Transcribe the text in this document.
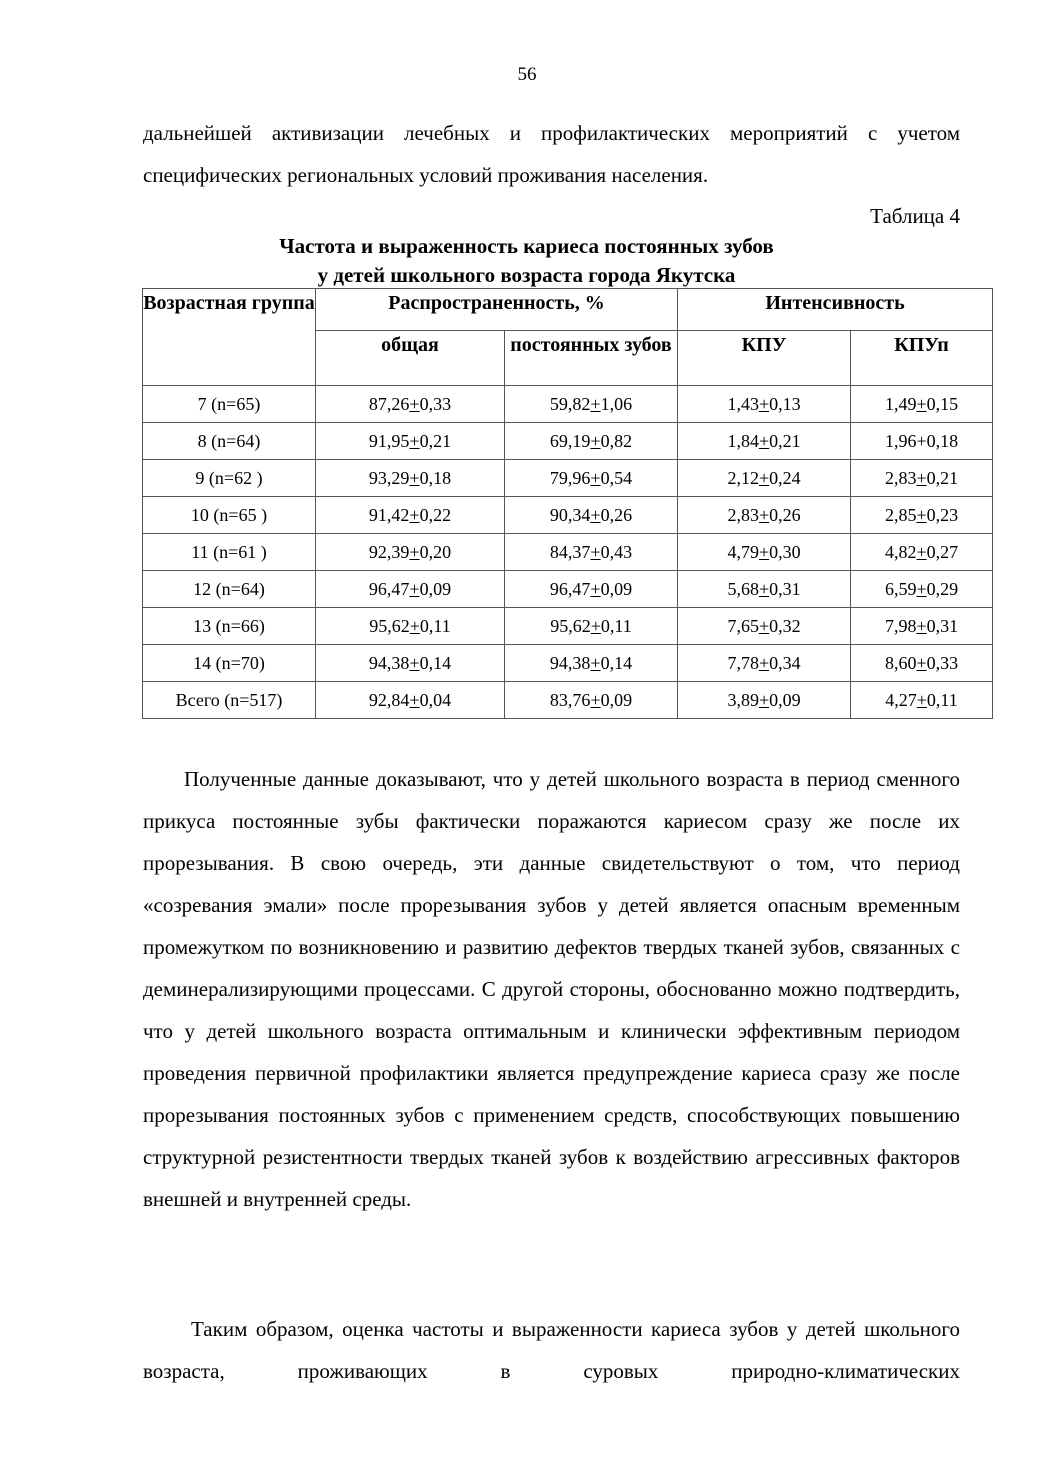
56

дальнейшей активизации лечебных и профилактических мероприятий с учетом специфических региональных условий проживания населения.

Таблица 4
Частота и выраженность кариеса постоянных зубов
у детей школьного возраста города Якутска
Возрастная группа	Распространенность, %		Интенсивность	
	общая	постоянных зубов	КПУ	КПУп
7 (n=65)	87,26+0,33	59,82+1,06	1,43+0,13	1,49+0,15
8 (n=64)	91,95+0,21	69,19+0,82	1,84+0,21	1,96+0,18
9 (n=62 )	93,29+0,18	79,96+0,54	2,12+0,24	2,83+0,21
10 (n=65 )	91,42+0,22	90,34+0,26	2,83+0,26	2,85+0,23
11 (n=61 )	92,39+0,20	84,37+0,43	4,79+0,30	4,82+0,27
12 (n=64)	96,47+0,09	96,47+0,09	5,68+0,31	6,59+0,29
13 (n=66)	95,62+0,11	95,62+0,11	7,65+0,32	7,98+0,31
14 (n=70)	94,38+0,14	94,38+0,14	7,78+0,34	8,60+0,33
Всего (n=517)	92,84+0,04	83,76+0,09	3,89+0,09	4,27+0,11

Полученные данные доказывают, что у детей школьного возраста в период сменного прикуса постоянные зубы фактически поражаются кариесом сразу же после их прорезывания. В свою очередь, эти данные свидетельствуют о том, что период «созревания эмали» после прорезывания зубов у детей является опасным временным промежутком по возникновению и развитию дефектов твердых тканей зубов, связанных с деминерализирующими процессами. С другой стороны, обоснованно можно подтвердить, что у детей школьного возраста оптимальным и клинически эффективным периодом проведения первичной профилактики является предупреждение кариеса сразу же после прорезывания постоянных зубов с применением средств, способствующих повышению структурной резистентности твердых тканей зубов к воздействию агрессивных факторов внешней и внутренней среды.

Таким образом, оценка частоты и выраженности кариеса зубов у детей школьного возраста, проживающих в суровых природно-климатических
